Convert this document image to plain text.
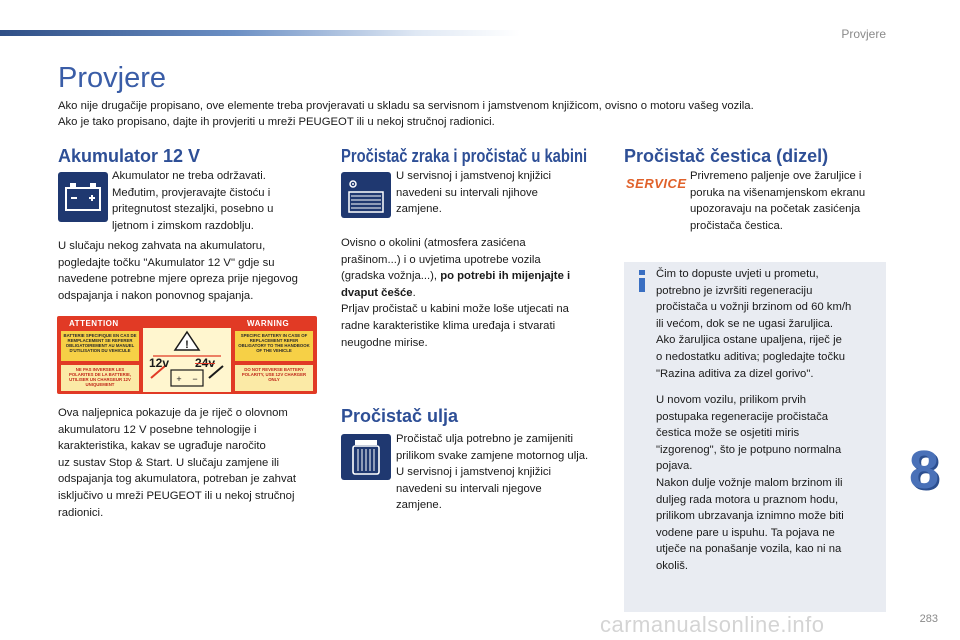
Provjere
Provjere
Ako nije drugačije propisano, ove elemente treba provjeravati u skladu sa servisnom i jamstvenom knjižicom, ovisno o motoru vašeg vozila.
Ako je tako propisano, dajte ih provjeriti u mreži PEUGEOT ili u nekoj stručnoj radionici.
Akumulator 12 V
Akumulator ne treba održavati.
Međutim, provjeravajte čistoću i
pritegnutost stezaljki, posebno u
ljetnom i zimskom razdoblju.
U slučaju nekog zahvata na akumulatoru,
pogledajte točku "Akumulator 12 V" gdje su
navedene potrebne mjere opreza prije njegovog
odspajanja i nakon ponovnog spajanja.
ATTENTION	WARNING
BATTERIE SPECIFIQUE EN CAS DE REMPLACEMENT SE REFERER OBLIGATOIREMENT AU MANUEL D'UTILISATION DU VEHICULE
SPECIFIC BATTERY IN CASE OF REPLACEMENT REFER OBLIGATORY TO THE HANDBOOK OF THE VEHICLE
NE PAS INVERSER LES POLARITES DE LA BATTERIE, UTILISER UN CHARGEUR 12V UNIQUEMENT
DO NOT REVERSE BATTERY POLARITY, USE 12V CHARGER ONLY
!
+ −
12v 24v
Ova naljepnica pokazuje da je riječ o olovnom
akumulatoru 12 V posebne tehnologije i
karakteristika, kakav se ugrađuje naročito
uz sustav Stop & Start. U slučaju zamjene ili
odspajanja tog akumulatora, potreban je zahvat
isključivo u mreži PEUGEOT ili u nekoj stručnoj
radionici.
Pročistač zraka i pročistač u kabini
U servisnoj i jamstvenoj knjižici
navedeni su intervali njihove
zamjene.
Ovisno o okolini (atmosfera zasićena
prašinom...) i o uvjetima upotrebe vozila
(gradska vožnja...), po potrebi ih mijenjajte i
dvaput češće.
Prljav pročistač u kabini može loše utjecati na
radne karakteristike klima uređaja i stvarati
neugodne mirise.
Pročistač ulja
Pročistač ulja potrebno je zamijeniti
prilikom svake zamjene motornog ulja.
U servisnoj i jamstvenoj knjižici
navedeni su intervali njegove
zamjene.
Pročistač čestica (dizel)
SERVICE Privremeno paljenje ove žaruljice i
poruka na višenamjenskom ekranu
upozoravaju na početak zasićenja
pročistača čestica.
Čim to dopuste uvjeti u prometu,
potrebno je izvršiti regeneraciju
pročistača u vožnji brzinom od 60 km/h
ili većom, dok se ne ugasi žaruljica.
Ako žaruljica ostane upaljena, riječ je
o nedostatku aditiva; pogledajte točku
"Razina aditiva za dizel gorivo".
U novom vozilu, prilikom prvih
postupaka regeneracije pročistača
čestica može se osjetiti miris
"izgorenog", što je potpuno normalna
pojava.
Nakon dulje vožnje malom brzinom ili
duljeg rada motora u praznom hodu,
prilikom ubrzavanja iznimno može biti
vodene pare u ispuhu. Ta pojava ne
utječe na ponašanje vozila, kao ni na
okoliš.
8
carmanualsonline.info	283
